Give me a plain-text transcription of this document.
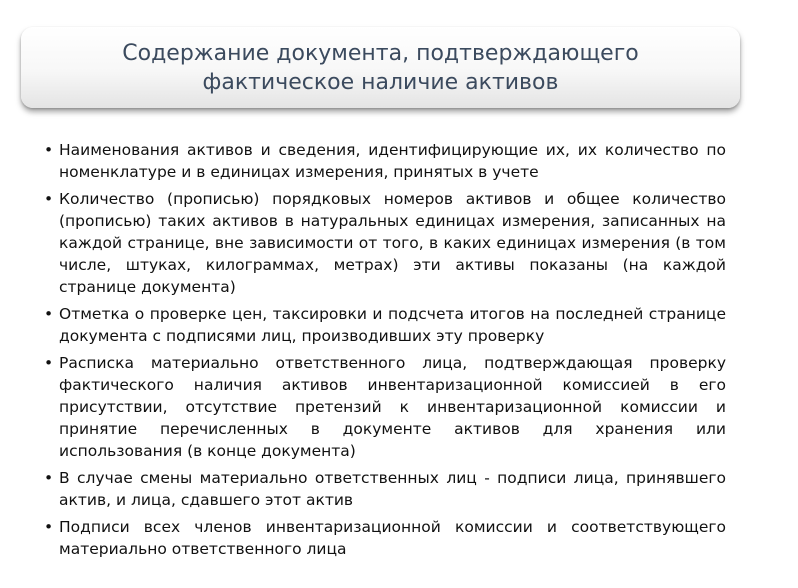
Содержание документа, подтверждающего фактическое наличие активов
• Наименования активов и сведения, идентифицирующие их, их количество по номенклатуре и в единицах измерения, принятых в учете
• Количество (прописью) порядковых номеров активов и общее количество (прописью) таких активов в натуральных единицах измерения, записанных на каждой странице, вне зависимости от того, в каких единицах измерения (в том числе, штуках, килограммах, метрах) эти активы показаны (на каждой странице документа)
• Отметка о проверке цен, таксировки и подсчета итогов на последней странице документа с подписями лиц, производивших эту проверку
• Расписка материально ответственного лица, подтверждающая проверку фактического наличия активов инвентаризационной комиссией в его присутствии, отсутствие претензий к инвентаризационной комиссии и принятие перечисленных в документе активов для хранения или использования (в конце документа)
• В случае смены материально ответственных лиц - подписи лица, принявшего актив, и лица, сдавшего этот актив
• Подписи всех членов инвентаризационной комиссии и соответствующего материально ответственного лица
